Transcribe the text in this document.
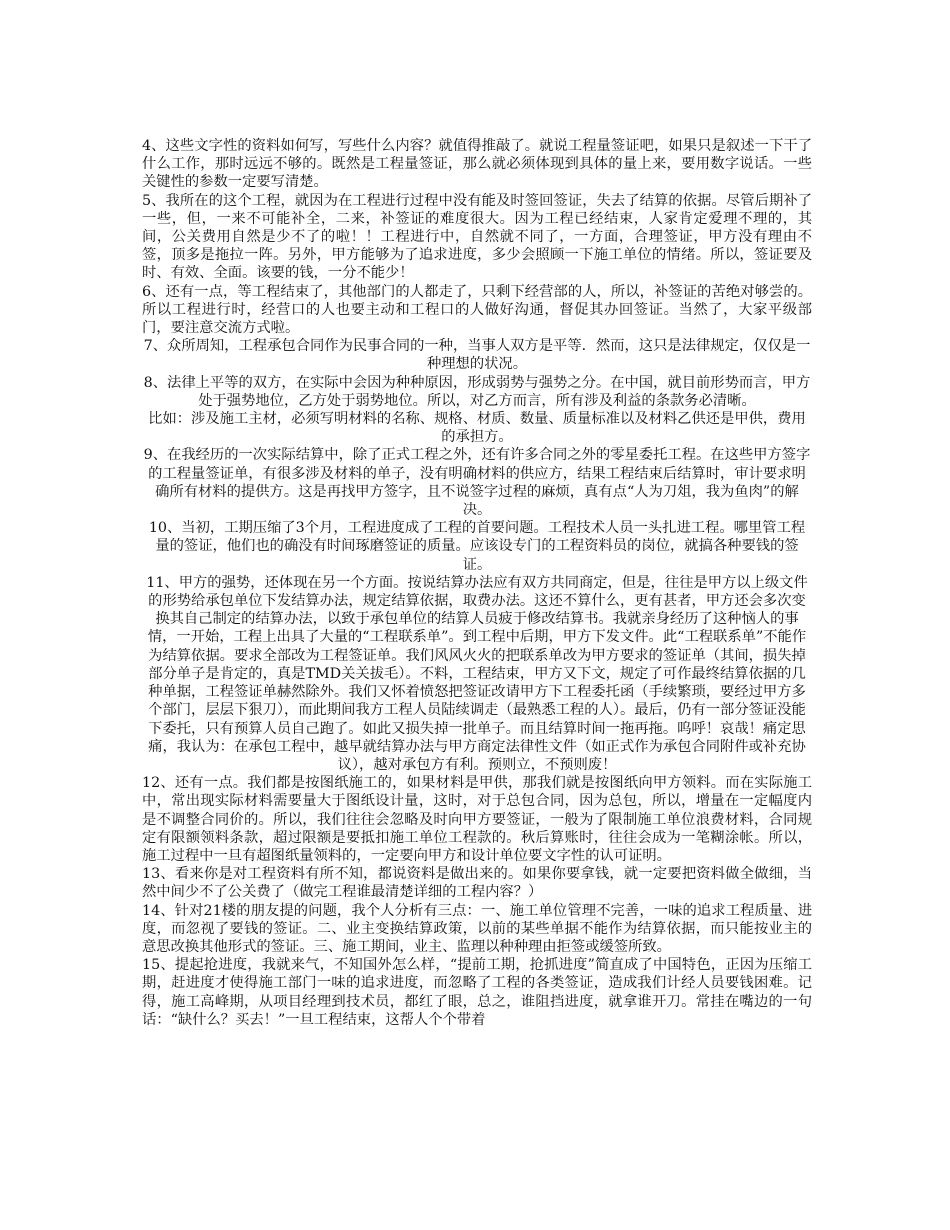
4、这些文字性的资料如何写，写些什么内容？就值得推敲了。就说工程量签证吧，如果只是叙述一下干了什么工作，那时远远不够的。既然是工程量签证，那么就必须体现到具体的量上来，要用数字说话。一些关键性的参数一定要写清楚。

5、我所在的这个工程，就因为在工程进行过程中没有能及时签回签证，失去了结算的依据。尽管后期补了一些，但，一来不可能补全，二来，补签证的难度很大。因为工程已经结束，人家肯定爱理不理的，其间，公关费用自然是少不了的啦！！工程进行中，自然就不同了，一方面，合理签证，甲方没有理由不签，顶多是拖拉一阵。另外，甲方能够为了追求进度，多少会照顾一下施工单位的情绪。所以，签证要及时、有效、全面。该要的钱，一分不能少！

6、还有一点，等工程结束了，其他部门的人都走了，只剩下经营部的人，所以，补签证的苦绝对够尝的。所以工程进行时，经营口的人也要主动和工程口的人做好沟通，督促其办回签证。当然了，大家平级部门，要注意交流方式啦。

7、众所周知，工程承包合同作为民事合同的一种，当事人双方是平等．然而，这只是法律规定，仅仅是一种理想的状况。

8、法律上平等的双方，在实际中会因为种种原因，形成弱势与强势之分。在中国，就目前形势而言，甲方处于强势地位，乙方处于弱势地位。所以，对乙方而言，所有涉及利益的条款务必清晰。

比如：涉及施工主材，必须写明材料的名称、规格、材质、数量、质量标准以及材料乙供还是甲供，费用的承担方。

9、在我经历的一次实际结算中，除了正式工程之外，还有许多合同之外的零星委托工程。在这些甲方签字的工程量签证单，有很多涉及材料的单子，没有明确材料的供应方，结果工程结束后结算时，审计要求明确所有材料的提供方。这是再找甲方签字，且不说签字过程的麻烦，真有点“人为刀俎，我为鱼肉”的解决。

10、当初，工期压缩了3个月，工程进度成了工程的首要问题。工程技术人员一头扎进工程。哪里管工程量的签证，他们也的确没有时间琢磨签证的质量。应该设专门的工程资料员的岗位，就搞各种要钱的签证。

11、甲方的强势，还体现在另一个方面。按说结算办法应有双方共同商定，但是，往往是甲方以上级文件的形势给承包单位下发结算办法，规定结算依据，取费办法。这还不算什么，更有甚者，甲方还会多次变换其自己制定的结算办法，以致于承包单位的结算人员疲于修改结算书。我就亲身经历了这种恼人的事情，一开始，工程上出具了大量的“工程联系单”。到工程中后期，甲方下发文件。此“工程联系单”不能作为结算依据。要求全部改为工程签证单。我们风风火火的把联系单改为甲方要求的签证单（其间，损失掉部分单子是肯定的，真是TMD关关拔毛）。不料，工程结束，甲方又下文，规定了可作最终结算依据的几种单据，工程签证单赫然除外。我们又怀着愤怒把签证改请甲方下工程委托函（手续繁琐，要经过甲方多个部门，层层下狠刀），而此期间我方工程人员陆续调走（最熟悉工程的人）。最后，仍有一部分签证没能下委托，只有预算人员自己跑了。如此又损失掉一批单子。而且结算时间一拖再拖。呜呼！哀哉！痛定思痛，我认为：在承包工程中，越早就结算办法与甲方商定法律性文件（如正式作为承包合同附件或补充协议），越对承包方有利。预则立，不预则废！

12、还有一点。我们都是按图纸施工的，如果材料是甲供，那我们就是按图纸向甲方领料。而在实际施工中，常出现实际材料需要量大于图纸设计量，这时，对于总包合同，因为总包，所以，增量在一定幅度内是不调整合同价的。所以，我们往往会忽略及时向甲方要签证，一般为了限制施工单位浪费材料，合同规定有限额领料条款，超过限额是要抵扣施工单位工程款的。秋后算账时，往往会成为一笔糊涂帐。所以，施工过程中一旦有超图纸量领料的，一定要向甲方和设计单位要文字性的认可证明。

13、看来你是对工程资料有所不知，都说资料是做出来的。如果你要拿钱，就一定要把资料做全做细，当然中间少不了公关费了（做完工程谁最清楚详细的工程内容？）

14、针对21楼的朋友提的问题，我个人分析有三点：一、施工单位管理不完善，一味的追求工程质量、进度，而忽视了要钱的签证。二、业主变换结算政策，以前的某些单据不能作为结算依据，而只能按业主的意思改换其他形式的签证。三、施工期间，业主、监理以种种理由拒签或缓签所致。

15、提起抢进度，我就来气，不知国外怎么样，“提前工期，抢抓进度”简直成了中国特色，正因为压缩工期，赶进度才使得施工部门一味的追求进度，而忽略了工程的各类签证，造成我们计经人员要钱困难。记得，施工高峰期，从项目经理到技术员，都红了眼，总之，谁阻挡进度，就拿谁开刀。常挂在嘴边的一句话：“缺什么？买去！”一旦工程结束，这帮人个个带着
